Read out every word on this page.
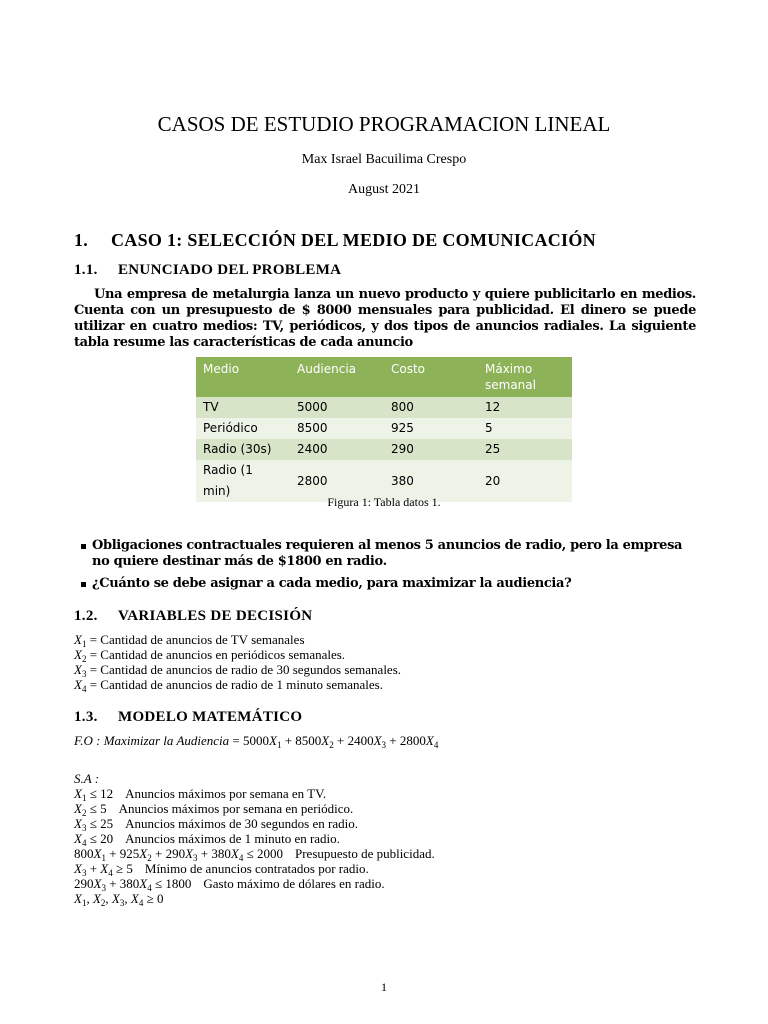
CASOS DE ESTUDIO PROGRAMACION LINEAL
Max Israel Bacuilima Crespo
August 2021
1. CASO 1: SELECCIÓN DEL MEDIO DE COMUNICACIÓN
1.1. ENUNCIADO DEL PROBLEMA
Una empresa de metalurgia lanza un nuevo producto y quiere publicitarlo en medios. Cuenta con un presupuesto de $ 8000 mensuales para publicidad. El dinero se puede utilizar en cuatro medios: TV, periódicos, y dos tipos de anuncios radiales. La siguiente tabla resume las características de cada anuncio
Medio	Audiencia	Costo	Máximo semanal
TV	5000	800	12
Periódico	8500	925	5
Radio (30s)	2400	290	25
Radio (1 min)	2800	380	20
Figura 1: Tabla datos 1.
Obligaciones contractuales requieren al menos 5 anuncios de radio, pero la empresa no quiere destinar más de $1800 en radio.
¿Cuánto se debe asignar a cada medio, para maximizar la audiencia?
1.2. VARIABLES DE DECISIÓN
$X_1$ = Cantidad de anuncios de TV semanales
$X_2$ = Cantidad de anuncios en periódicos semanales.
$X_3$ = Cantidad de anuncios de radio de 30 segundos semanales.
$X_4$ = Cantidad de anuncios de radio de 1 minuto semanales.
1.3. MODELO MATEMÁTICO
F.O : Maximizar la Audiencia = $5000X_1 + 8500X_2 + 2400X_3 + 2800X_4$
S.A :
$X_1 \le 12$ Anuncios máximos por semana en TV.
$X_2 \le 5$ Anuncios máximos por semana en periódico.
$X_3 \le 25$ Anuncios máximos de 30 segundos en radio.
$X_4 \le 20$ Anuncios máximos de 1 minuto en radio.
$800X_1 + 925X_2 + 290X_3 + 380X_4 \le 2000$ Presupuesto de publicidad.
$X_3 + X_4 \ge 5$ Mínimo de anuncios contratados por radio.
$290X_3 + 380X_4 \le 1800$ Gasto máximo de dólares en radio.
$X_1$, $X_2$, $X_3$, $X_4 \ge 0$
1
